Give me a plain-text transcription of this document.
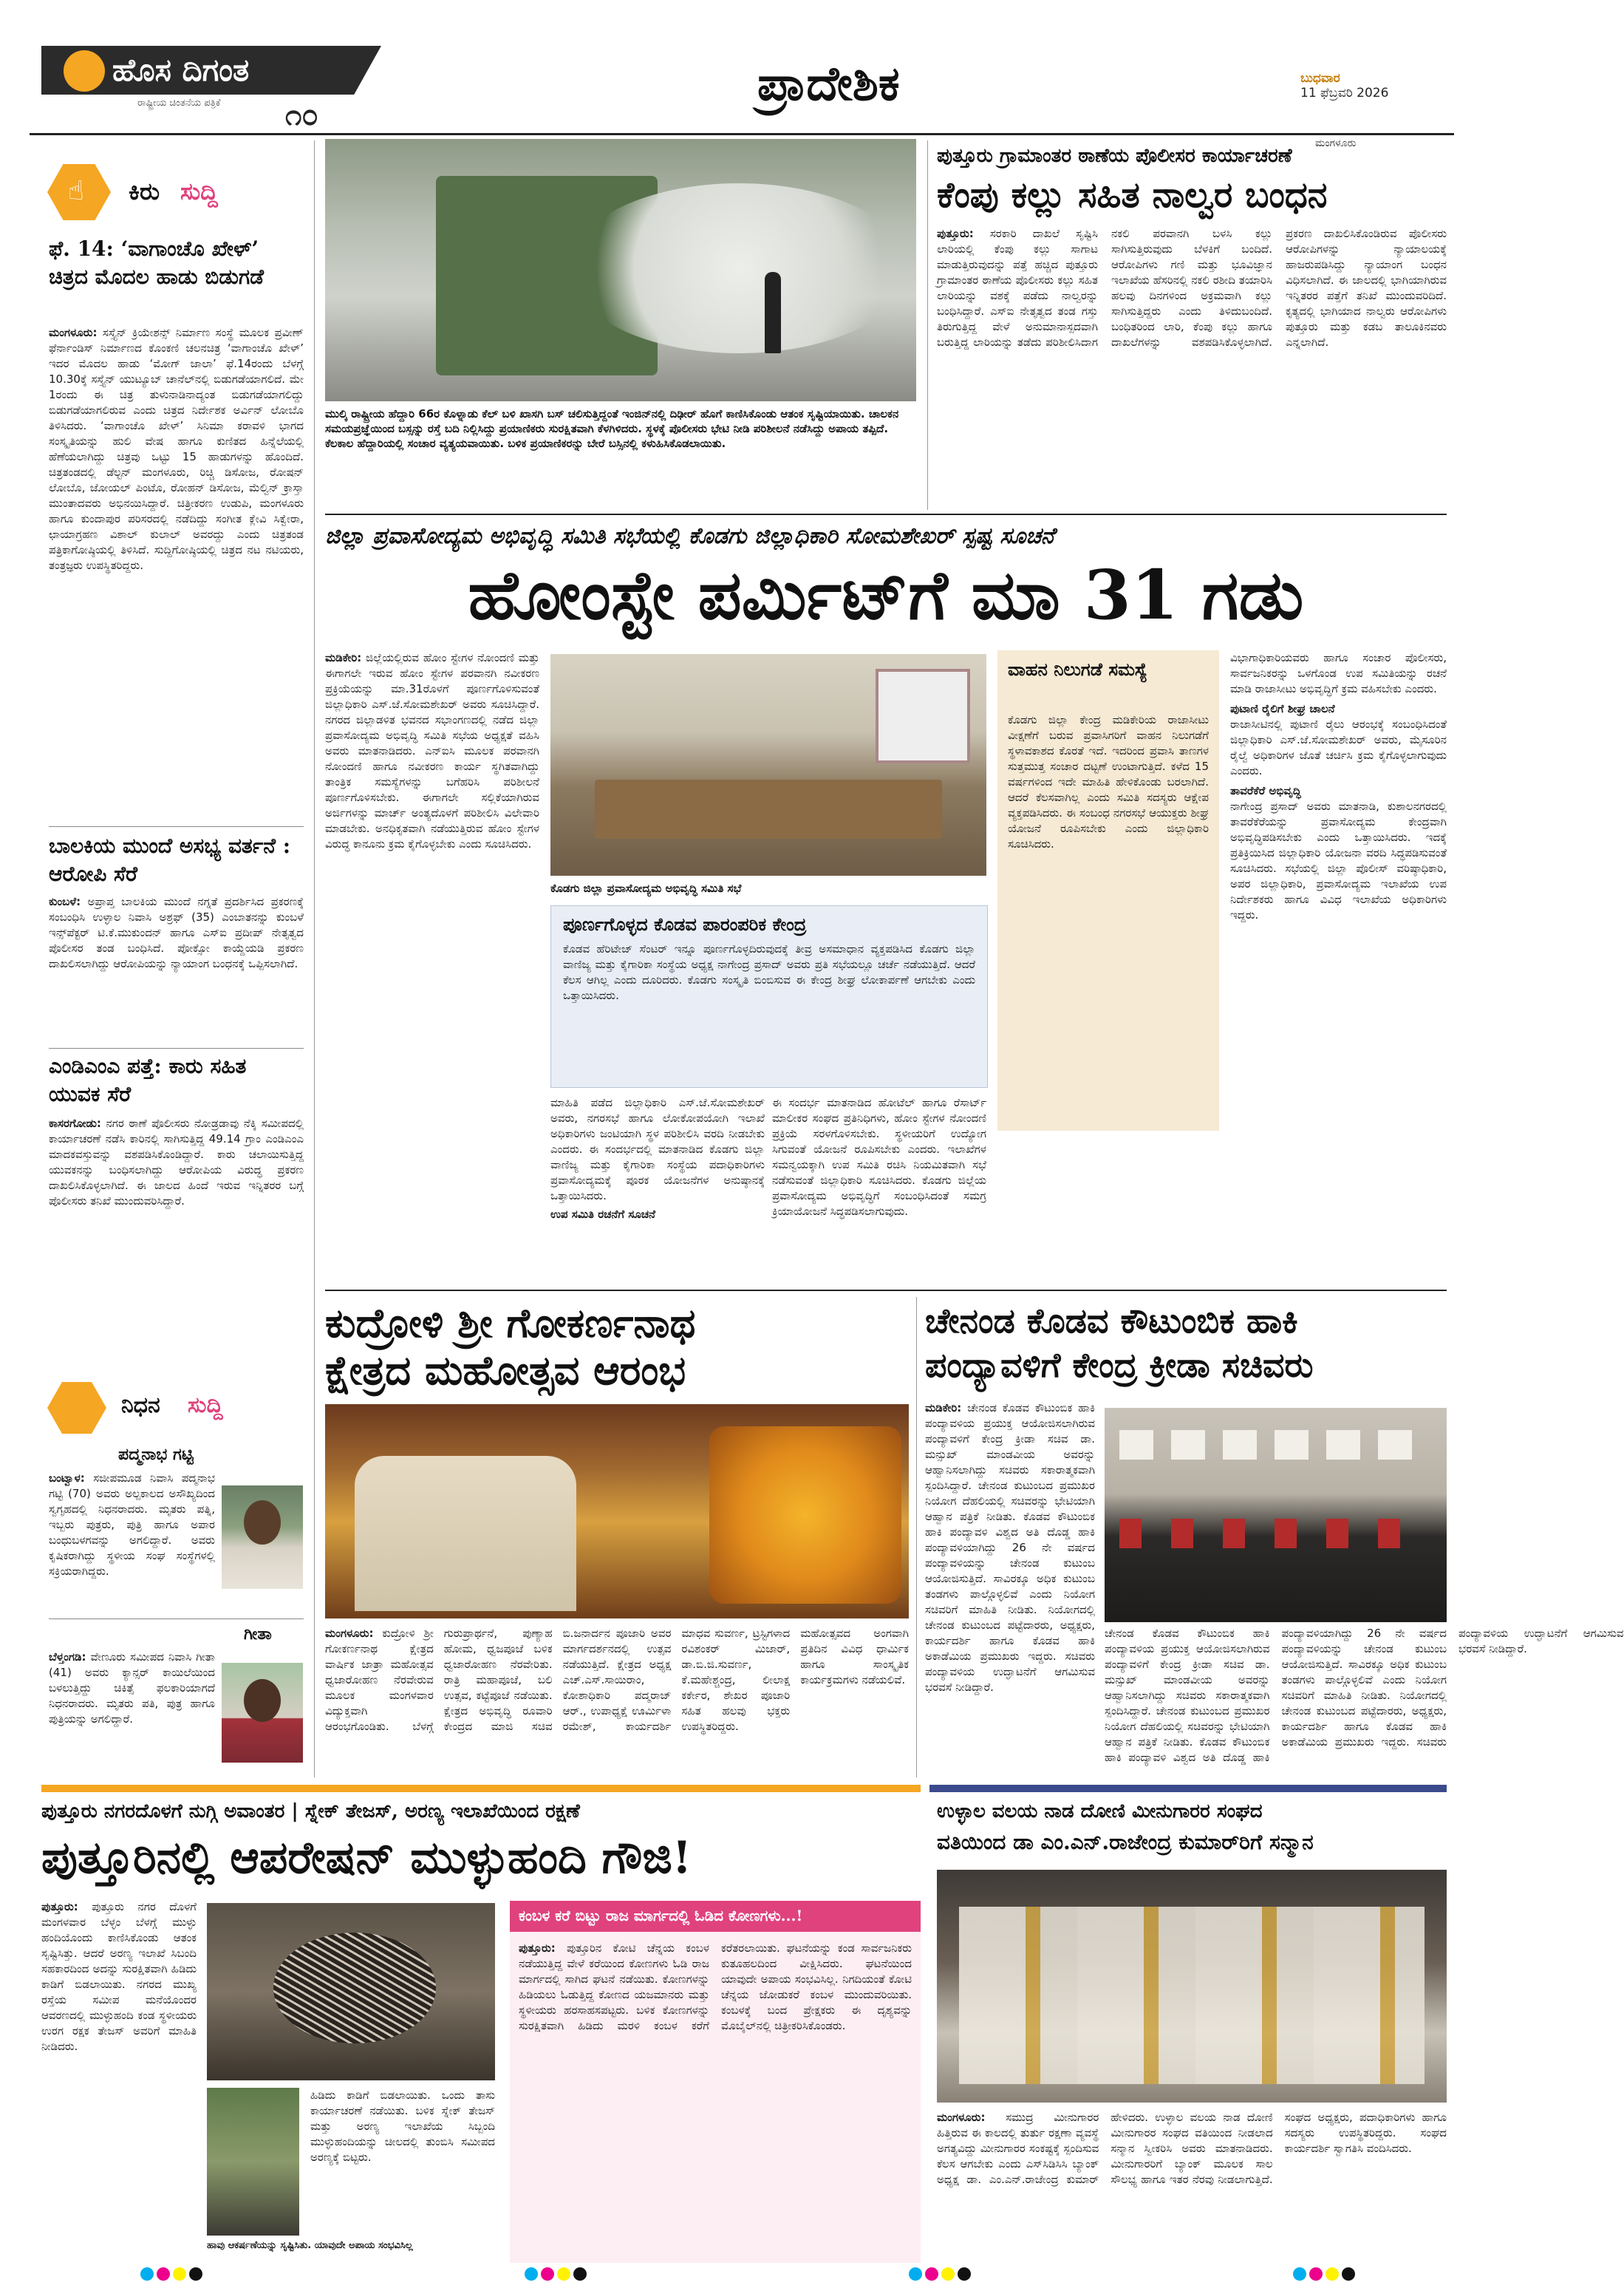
ಹೊಸ ದಿಗಂತ
ರಾಷ್ಟ್ರೀಯ ಚಿಂತನೆಯ ಪತ್ರಿಕೆ ೧೦
ಪ್ರಾದೇಶಿಕ	ಬುಧವಾರ
11 ಫೆಬ್ರವರಿ 2026
ಮಂಗಳೂರು
☝ ಕಿರು ಸುದ್ದಿ
ಫೆ. 14: ‘ವಾಗಾಂಚೊ ಖೇಳ್’ ಚಿತ್ರದ ಮೊದಲ ಹಾಡು ಬಿಡುಗಡೆ
ಮಂಗಳೂರು: ಸಸ್ತ್ಯೆನ್ ಕ್ರಿಯೇಶನ್ಸ್ ನಿರ್ಮಾಣ ಸಂಸ್ಥೆ ಮೂಲಕ ಪ್ರವೀಣ್ ಫೆರ್ನಾಂಡಿಸ್ ನಿರ್ಮಾಣದ ಕೊಂಕಣಿ ಚಲನಚಿತ್ರ ‘ವಾಗಾಂಚೊ ಖೇಳ್’ ಇದರ ಮೊದಲ ಹಾಡು ‘ಮೋಗ್ ಜಾಲಾ’ ಫೆ.14ರಂದು ಬೆಳಗ್ಗೆ 10.30ಕ್ಕೆ ಸಸ್ತ್ಯೆನ್ ಯುಟ್ಯೂಬ್ ಚಾನೆಲ್‌ನಲ್ಲಿ ಬಿಡುಗಡೆಯಾಗಲಿದೆ. ಮೇ 1ರಂದು ಈ ಚಿತ್ರ ತುಳುನಾಡಿನಾದ್ಯಂತ ಬಿಡುಗಡೆಯಾಗಲಿದ್ದು ಬಿಡುಗಡೆಯಾಗಲಿರುವ ಎಂದು ಚಿತ್ರದ ನಿರ್ದೇಶಕ ಅರ್ವಿನ್ ಲೋಬೊ ತಿಳಿಸಿದರು. ‘ವಾಗಾಂಚೊ ಖೇಳ್’ ಸಿನಿಮಾ ಕರಾವಳಿ ಭಾಗದ ಸಂಸ್ಕೃತಿಯನ್ನು ಹುಲಿ ವೇಷ ಹಾಗೂ ಕುಣಿತದ ಹಿನ್ನೆಲೆಯಲ್ಲಿ ಹೆಣೆಯಲಾಗಿದ್ದು ಚಿತ್ರವು ಒಟ್ಟು 15 ಹಾಡುಗಳನ್ನು ಹೊಂದಿದೆ. ಚಿತ್ರತಂಡದಲ್ಲಿ ಡೆಲ್ಟನ್ ಮಂಗಳೂರು, ರಿಚ್ಚಿ ಡಿಸೋಜ, ರೋಷನ್ ಲೋಬೊ, ಜೋಯಲ್ ಪಿಂಟೊ, ರೋಹನ್ ಡಿಸೋಜ, ಮೆಲ್ವಿನ್ ಕ್ರಾಸ್ತಾ ಮುಂತಾದವರು ಅಭಿನಯಿಸಿದ್ದಾರೆ. ಚಿತ್ರೀಕರಣ ಉಡುಪಿ, ಮಂಗಳೂರು ಹಾಗೂ ಕುಂದಾಪುರ ಪರಿಸರದಲ್ಲಿ ನಡೆದಿದ್ದು ಸಂಗೀತ ಕ್ಲೇವಿ ಸಿಕ್ವೇರಾ, ಛಾಯಾಗ್ರಹಣ ವಿಶಾಲ್ ಕುಲಾಲ್ ಅವರದ್ದು ಎಂದು ಚಿತ್ರತಂಡ ಪತ್ರಿಕಾಗೋಷ್ಠಿಯಲ್ಲಿ ತಿಳಿಸಿದೆ. ಸುದ್ದಿಗೋಷ್ಠಿಯಲ್ಲಿ ಚಿತ್ರದ ನಟ ನಟಿಯರು, ತಂತ್ರಜ್ಞರು ಉಪಸ್ಥಿತರಿದ್ದರು.
ಬಾಲಕಿಯ ಮುಂದೆ ಅಸಭ್ಯ ವರ್ತನೆ : ಆರೋಪಿ ಸೆರೆ
ಕುಂಬಳೆ: ಅಪ್ರಾಪ್ತ ಬಾಲಕಿಯ ಮುಂದೆ ನಗ್ನತೆ ಪ್ರದರ್ಶಿಸಿದ ಪ್ರಕರಣಕ್ಕೆ ಸಂಬಂಧಿಸಿ ಉಳ್ಳಾಲ ನಿವಾಸಿ ಅಶ್ರಫ್ (35) ಎಂಬಾತನನ್ನು ಕುಂಬಳೆ ಇನ್ಸ್‌ಪೆಕ್ಟರ್ ಟಿ.ಕೆ.ಮುಕುಂದನ್ ಹಾಗೂ ಎಸ್ಐ ಪ್ರದೀಪ್ ನೇತೃತ್ವದ ಪೊಲೀಸರ ತಂಡ ಬಂಧಿಸಿದೆ. ಪೋಕ್ಸೋ ಕಾಯ್ದೆಯಡಿ ಪ್ರಕರಣ ದಾಖಲಿಸಲಾಗಿದ್ದು ಆರೋಪಿಯನ್ನು ನ್ಯಾಯಾಂಗ ಬಂಧನಕ್ಕೆ ಒಪ್ಪಿಸಲಾಗಿದೆ.
ಎಂಡಿಎಂಎ ಪತ್ತೆ: ಕಾರು ಸಹಿತ ಯುವಕ ಸೆರೆ
ಕಾಸರಗೋಡು: ನಗರ ಠಾಣೆ ಪೊಲೀಸರು ನೋಡ್ರಡಾವು ನೆಕ್ಕಿ ಸಮೀಪದಲ್ಲಿ ಕಾರ್ಯಾಚರಣೆ ನಡೆಸಿ ಕಾರಿನಲ್ಲಿ ಸಾಗಿಸುತ್ತಿದ್ದ 49.14 ಗ್ರಾಂ ಎಂಡಿಎಂಎ ಮಾದಕವಸ್ತುವನ್ನು ವಶಪಡಿಸಿಕೊಂಡಿದ್ದಾರೆ. ಕಾರು ಚಲಾಯಿಸುತ್ತಿದ್ದ ಯುವಕನನ್ನು ಬಂಧಿಸಲಾಗಿದ್ದು ಆರೋಪಿಯ ವಿರುದ್ಧ ಪ್ರಕರಣ ದಾಖಲಿಸಿಕೊಳ್ಳಲಾಗಿದೆ. ಈ ಜಾಲದ ಹಿಂದೆ ಇರುವ ಇನ್ನಿತರರ ಬಗ್ಗೆ ಪೊಲೀಸರು ತನಿಖೆ ಮುಂದುವರಿಸಿದ್ದಾರೆ.
ನಿಧನ ಸುದ್ದಿ
ಪದ್ಮನಾಭ ಗಟ್ಟಿ
ಬಂಟ್ವಾಳ: ಸಜೀಪಮೂಡ ನಿವಾಸಿ ಪದ್ಮನಾಭ ಗಟ್ಟಿ (70) ಅವರು ಅಲ್ಪಕಾಲದ ಅಸೌಖ್ಯದಿಂದ ಸ್ವಗೃಹದಲ್ಲಿ ನಿಧನರಾದರು. ಮೃತರು ಪತ್ನಿ, ಇಬ್ಬರು ಪುತ್ರರು, ಪುತ್ರಿ ಹಾಗೂ ಅಪಾರ ಬಂಧುಬಳಗವನ್ನು ಅಗಲಿದ್ದಾರೆ. ಅವರು ಕೃಷಿಕರಾಗಿದ್ದು ಸ್ಥಳೀಯ ಸಂಘ ಸಂಸ್ಥೆಗಳಲ್ಲಿ ಸಕ್ರಿಯರಾಗಿದ್ದರು.
ಗೀತಾ
ಬೆಳ್ತಂಗಡಿ: ವೇಣೂರು ಸಮೀಪದ ನಿವಾಸಿ ಗೀತಾ (41) ಅವರು ಕ್ಯಾನ್ಸರ್ ಕಾಯಿಲೆಯಿಂದ ಬಳಲುತ್ತಿದ್ದು ಚಿಕಿತ್ಸೆ ಫಲಕಾರಿಯಾಗದೆ ನಿಧನರಾದರು. ಮೃತರು ಪತಿ, ಪುತ್ರ ಹಾಗೂ ಪುತ್ರಿಯನ್ನು ಅಗಲಿದ್ದಾರೆ.
ಮುಲ್ಕಿ ರಾಷ್ಟ್ರೀಯ ಹೆದ್ದಾರಿ 66ರ ಕೊಳ್ನಾಡು ಕೆಲ್ ಬಳಿ ಖಾಸಗಿ ಬಸ್ ಚಲಿಸುತ್ತಿದ್ದಂತೆ ಇಂಜಿನ್‌ನಲ್ಲಿ ದಿಢೀರ್ ಹೊಗೆ ಕಾಣಿಸಿಕೊಂಡು ಆತಂಕ ಸೃಷ್ಟಿಯಾಯಿತು. ಚಾಲಕನ ಸಮಯಪ್ರಜ್ಞೆಯಿಂದ ಬಸ್ಸನ್ನು ರಸ್ತೆ ಬದಿ ನಿಲ್ಲಿಸಿದ್ದು ಪ್ರಯಾಣಿಕರು ಸುರಕ್ಷಿತವಾಗಿ ಕೆಳಗಿಳಿದರು. ಸ್ಥಳಕ್ಕೆ ಪೊಲೀಸರು ಭೇಟಿ ನೀಡಿ ಪರಿಶೀಲನೆ ನಡೆಸಿದ್ದು ಅಪಾಯ ತಪ್ಪಿದೆ. ಕೆಲಕಾಲ ಹೆದ್ದಾರಿಯಲ್ಲಿ ಸಂಚಾರ ವ್ಯತ್ಯಯವಾಯಿತು. ಬಳಿಕ ಪ್ರಯಾಣಿಕರನ್ನು ಬೇರೆ ಬಸ್ಸಿನಲ್ಲಿ ಕಳುಹಿಸಿಕೊಡಲಾಯಿತು.
ಪುತ್ತೂರು ಗ್ರಾಮಾಂತರ ಠಾಣೆಯ ಪೊಲೀಸರ ಕಾರ್ಯಾಚರಣೆ
ಕೆಂಪು ಕಲ್ಲು ಸಹಿತ ನಾಲ್ವರ ಬಂಧನ
ಪುತ್ತೂರು: ಸರಕಾರಿ ದಾಖಲೆ ಸೃಷ್ಟಿಸಿ ಲಾರಿಯಲ್ಲಿ ಕೆಂಪು ಕಲ್ಲು ಸಾಗಾಟ ಮಾಡುತ್ತಿರುವುದನ್ನು ಪತ್ತೆ ಹಚ್ಚಿದ ಪುತ್ತೂರು ಗ್ರಾಮಾಂತರ ಠಾಣೆಯ ಪೊಲೀಸರು ಕಲ್ಲು ಸಹಿತ ಲಾರಿಯನ್ನು ವಶಕ್ಕೆ ಪಡೆದು ನಾಲ್ವರನ್ನು ಬಂಧಿಸಿದ್ದಾರೆ. ಎಸ್‌ಐ ನೇತೃತ್ವದ ತಂಡ ಗಸ್ತು ತಿರುಗುತ್ತಿದ್ದ ವೇಳೆ ಅನುಮಾನಾಸ್ಪದವಾಗಿ ಬರುತ್ತಿದ್ದ ಲಾರಿಯನ್ನು ತಡೆದು ಪರಿಶೀಲಿಸಿದಾಗ ನಕಲಿ ಪರವಾನಗಿ ಬಳಸಿ ಕಲ್ಲು ಸಾಗಿಸುತ್ತಿರುವುದು ಬೆಳಕಿಗೆ ಬಂದಿದೆ. ಆರೋಪಿಗಳು ಗಣಿ ಮತ್ತು ಭೂವಿಜ್ಞಾನ ಇಲಾಖೆಯ ಹೆಸರಿನಲ್ಲಿ ನಕಲಿ ರಶೀದಿ ತಯಾರಿಸಿ ಹಲವು ದಿನಗಳಿಂದ ಅಕ್ರಮವಾಗಿ ಕಲ್ಲು ಸಾಗಿಸುತ್ತಿದ್ದರು ಎಂದು ತಿಳಿದುಬಂದಿದೆ. ಬಂಧಿತರಿಂದ ಲಾರಿ, ಕೆಂಪು ಕಲ್ಲು ಹಾಗೂ ದಾಖಲೆಗಳನ್ನು ವಶಪಡಿಸಿಕೊಳ್ಳಲಾಗಿದೆ. ಪ್ರಕರಣ ದಾಖಲಿಸಿಕೊಂಡಿರುವ ಪೊಲೀಸರು ಆರೋಪಿಗಳನ್ನು ನ್ಯಾಯಾಲಯಕ್ಕೆ ಹಾಜರುಪಡಿಸಿದ್ದು ನ್ಯಾಯಾಂಗ ಬಂಧನ ವಿಧಿಸಲಾಗಿದೆ. ಈ ಜಾಲದಲ್ಲಿ ಭಾಗಿಯಾಗಿರುವ ಇನ್ನಿತರರ ಪತ್ತೆಗೆ ತನಿಖೆ ಮುಂದುವರಿದಿದೆ. ಕೃತ್ಯದಲ್ಲಿ ಭಾಗಿಯಾದ ನಾಲ್ವರು ಆರೋಪಿಗಳು ಪುತ್ತೂರು ಮತ್ತು ಕಡಬ ತಾಲೂಕಿನವರು ಎನ್ನಲಾಗಿದೆ.
ಜಿಲ್ಲಾ ಪ್ರವಾಸೋದ್ಯಮ ಅಭಿವೃದ್ಧಿ ಸಮಿತಿ ಸಭೆಯಲ್ಲಿ ಕೊಡಗು ಜಿಲ್ಲಾಧಿಕಾರಿ ಸೋಮಶೇಖರ್ ಸ್ಪಷ್ಟ ಸೂಚನೆ
ಹೋಂಸ್ಟೇ ಪರ್ಮಿಟ್‌ಗೆ ಮಾ 31 ಗಡು
ಮಡಿಕೇರಿ: ಜಿಲ್ಲೆಯಲ್ಲಿರುವ ಹೋಂ ಸ್ಟೇಗಳ ನೋಂದಣಿ ಮತ್ತು ಈಗಾಗಲೇ ಇರುವ ಹೋಂ ಸ್ಟೇಗಳ ಪರವಾನಗಿ ನವೀಕರಣ ಪ್ರಕ್ರಿಯೆಯನ್ನು ಮಾ.31ರೊಳಗೆ ಪೂರ್ಣಗೊಳಿಸುವಂತೆ ಜಿಲ್ಲಾಧಿಕಾರಿ ಎಸ್.ಜೆ.ಸೋಮಶೇಖರ್ ಅವರು ಸೂಚಿಸಿದ್ದಾರೆ. ನಗರದ ಜಿಲ್ಲಾಡಳಿತ ಭವನದ ಸಭಾಂಗಣದಲ್ಲಿ ನಡೆದ ಜಿಲ್ಲಾ ಪ್ರವಾಸೋದ್ಯಮ ಅಭಿವೃದ್ಧಿ ಸಮಿತಿ ಸಭೆಯ ಅಧ್ಯಕ್ಷತೆ ವಹಿಸಿ ಅವರು ಮಾತನಾಡಿದರು. ಎನ್‌ಐಸಿ ಮೂಲಕ ಪರವಾನಗಿ ನೋಂದಣಿ ಹಾಗೂ ನವೀಕರಣ ಕಾರ್ಯ ಸ್ಥಗಿತವಾಗಿದ್ದು ತಾಂತ್ರಿಕ ಸಮಸ್ಯೆಗಳನ್ನು ಬಗೆಹರಿಸಿ ಪರಿಶೀಲನೆ ಪೂರ್ಣಗೊಳಿಸಬೇಕು. ಈಗಾಗಲೇ ಸಲ್ಲಿಕೆಯಾಗಿರುವ ಅರ್ಜಿಗಳನ್ನು ಮಾರ್ಚ್ ಅಂತ್ಯದೊಳಗೆ ಪರಿಶೀಲಿಸಿ ವಿಲೇವಾರಿ ಮಾಡಬೇಕು. ಅನಧಿಕೃತವಾಗಿ ನಡೆಯುತ್ತಿರುವ ಹೋಂ ಸ್ಟೇಗಳ ವಿರುದ್ಧ ಕಾನೂನು ಕ್ರಮ ಕೈಗೊಳ್ಳಬೇಕು ಎಂದು ಸೂಚಿಸಿದರು.
ಕೊಡಗು ಜಿಲ್ಲಾ ಪ್ರವಾಸೋದ್ಯಮ ಅಭಿವೃದ್ಧಿ ಸಮಿತಿ ಸಭೆ
ಪೂರ್ಣಗೊಳ್ಳದ ಕೊಡವ ಪಾರಂಪರಿಕ ಕೇಂದ್ರ
ಕೊಡವ ಹೆರಿಟೇಜ್ ಸೆಂಟರ್ ಇನ್ನೂ ಪೂರ್ಣಗೊಳ್ಳದಿರುವುದಕ್ಕೆ ತೀವ್ರ ಅಸಮಾಧಾನ ವ್ಯಕ್ತಪಡಿಸಿದ ಕೊಡಗು ಜಿಲ್ಲಾ ವಾಣಿಜ್ಯ ಮತ್ತು ಕೈಗಾರಿಕಾ ಸಂಸ್ಥೆಯ ಅಧ್ಯಕ್ಷ ನಾಗೇಂದ್ರ ಪ್ರಸಾದ್ ಅವರು ಪ್ರತಿ ಸಭೆಯಲ್ಲೂ ಚರ್ಚೆ ನಡೆಯುತ್ತಿದೆ. ಆದರೆ ಕೆಲಸ ಆಗಿಲ್ಲ ಎಂದು ದೂರಿದರು. ಕೊಡಗು ಸಂಸ್ಕೃತಿ ಬಿಂಬಿಸುವ ಈ ಕೇಂದ್ರ ಶೀಘ್ರ ಲೋಕಾರ್ಪಣೆ ಆಗಬೇಕು ಎಂದು ಒತ್ತಾಯಿಸಿದರು.
ಮಾಹಿತಿ ಪಡೆದ ಜಿಲ್ಲಾಧಿಕಾರಿ ಎಸ್.ಜೆ.ಸೋಮಶೇಖರ್ ಅವರು, ನಗರಸಭೆ ಹಾಗೂ ಲೋಕೋಪಯೋಗಿ ಇಲಾಖೆ ಅಧಿಕಾರಿಗಳು ಜಂಟಿಯಾಗಿ ಸ್ಥಳ ಪರಿಶೀಲಿಸಿ ವರದಿ ನೀಡಬೇಕು ಎಂದರು. ಈ ಸಂದರ್ಭದಲ್ಲಿ ಮಾತನಾಡಿದ ಕೊಡಗು ಜಿಲ್ಲಾ ವಾಣಿಜ್ಯ ಮತ್ತು ಕೈಗಾರಿಕಾ ಸಂಸ್ಥೆಯ ಪದಾಧಿಕಾರಿಗಳು ಪ್ರವಾಸೋದ್ಯಮಕ್ಕೆ ಪೂರಕ ಯೋಜನೆಗಳ ಅನುಷ್ಠಾನಕ್ಕೆ ಒತ್ತಾಯಿಸಿದರು.
ಉಪ ಸಮಿತಿ ರಚನೆಗೆ ಸೂಚನೆ
ಈ ಸಂದರ್ಭ ಮಾತನಾಡಿದ ಹೋಟೆಲ್ ಹಾಗೂ ರೆಸಾರ್ಟ್ ಮಾಲೀಕರ ಸಂಘದ ಪ್ರತಿನಿಧಿಗಳು, ಹೋಂ ಸ್ಟೇಗಳ ನೋಂದಣಿ ಪ್ರಕ್ರಿಯೆ ಸರಳಗೊಳಿಸಬೇಕು. ಸ್ಥಳೀಯರಿಗೆ ಉದ್ಯೋಗ ಸಿಗುವಂತೆ ಯೋಜನೆ ರೂಪಿಸಬೇಕು ಎಂದರು. ಇಲಾಖೆಗಳ ಸಮನ್ವಯಕ್ಕಾಗಿ ಉಪ ಸಮಿತಿ ರಚಿಸಿ ನಿಯಮಿತವಾಗಿ ಸಭೆ ನಡೆಸುವಂತೆ ಜಿಲ್ಲಾಧಿಕಾರಿ ಸೂಚಿಸಿದರು. ಕೊಡಗು ಜಿಲ್ಲೆಯ ಪ್ರವಾಸೋದ್ಯಮ ಅಭಿವೃದ್ಧಿಗೆ ಸಂಬಂಧಿಸಿದಂತೆ ಸಮಗ್ರ ಕ್ರಿಯಾಯೋಜನೆ ಸಿದ್ಧಪಡಿಸಲಾಗುವುದು.
ವಾಹನ ನಿಲುಗಡೆ ಸಮಸ್ಯೆ
ಕೊಡಗು ಜಿಲ್ಲಾ ಕೇಂದ್ರ ಮಡಿಕೇರಿಯ ರಾಜಾಸೀಟು ವೀಕ್ಷಣೆಗೆ ಬರುವ ಪ್ರವಾಸಿಗರಿಗೆ ವಾಹನ ನಿಲುಗಡೆಗೆ ಸ್ಥಳಾವಕಾಶದ ಕೊರತೆ ಇದೆ. ಇದರಿಂದ ಪ್ರವಾಸಿ ತಾಣಗಳ ಸುತ್ತಮುತ್ತ ಸಂಚಾರ ದಟ್ಟಣೆ ಉಂಟಾಗುತ್ತಿದೆ. ಕಳೆದ 15 ವರ್ಷಗಳಿಂದ ಇದೇ ಮಾಹಿತಿ ಹೇಳಿಕೊಂಡು ಬರಲಾಗಿದೆ. ಆದರೆ ಕೆಲಸವಾಗಿಲ್ಲ ಎಂದು ಸಮಿತಿ ಸದಸ್ಯರು ಆಕ್ಷೇಪ ವ್ಯಕ್ತಪಡಿಸಿದರು. ಈ ಸಂಬಂಧ ನಗರಸಭೆ ಆಯುಕ್ತರು ಶೀಘ್ರ ಯೋಜನೆ ರೂಪಿಸಬೇಕು ಎಂದು ಜಿಲ್ಲಾಧಿಕಾರಿ ಸೂಚಿಸಿದರು.
ವಿಭಾಗಾಧಿಕಾರಿಯವರು ಹಾಗೂ ಸಂಚಾರ ಪೊಲೀಸರು, ಸಾರ್ವಜನಿಕರನ್ನು ಒಳಗೊಂಡ ಉಪ ಸಮಿತಿಯನ್ನು ರಚನೆ ಮಾಡಿ ರಾಜಾಸೀಟು ಅಭಿವೃದ್ಧಿಗೆ ಕ್ರಮ ವಹಿಸಬೇಕು ಎಂದರು.
ಪುಟಾಣಿ ರೈಲಿಗೆ ಶೀಘ್ರ ಚಾಲನೆ
ರಾಜಾಸೀಟಿನಲ್ಲಿ ಪುಟಾಣಿ ರೈಲು ಆರಂಭಕ್ಕೆ ಸಂಬಂಧಿಸಿದಂತೆ ಜಿಲ್ಲಾಧಿಕಾರಿ ಎಸ್.ಜೆ.ಸೋಮಶೇಖರ್ ಅವರು, ಮೈಸೂರಿನ ರೈಲ್ವೆ ಅಧಿಕಾರಿಗಳ ಜೊತೆ ಚರ್ಚಿಸಿ ಕ್ರಮ ಕೈಗೊಳ್ಳಲಾಗುವುದು ಎಂದರು.
ತಾವರೆಕೆರೆ ಅಭಿವೃದ್ಧಿ
ನಾಗೇಂದ್ರ ಪ್ರಸಾದ್ ಅವರು ಮಾತನಾಡಿ, ಕುಶಾಲನಗರದಲ್ಲಿ ತಾವರೆಕೆರೆಯನ್ನು ಪ್ರವಾಸೋದ್ಯಮ ಕೇಂದ್ರವಾಗಿ ಅಭಿವೃದ್ಧಿಪಡಿಸಬೇಕು ಎಂದು ಒತ್ತಾಯಿಸಿದರು. ಇದಕ್ಕೆ ಪ್ರತಿಕ್ರಿಯಿಸಿದ ಜಿಲ್ಲಾಧಿಕಾರಿ ಯೋಜನಾ ವರದಿ ಸಿದ್ಧಪಡಿಸುವಂತೆ ಸೂಚಿಸಿದರು. ಸಭೆಯಲ್ಲಿ ಜಿಲ್ಲಾ ಪೊಲೀಸ್ ವರಿಷ್ಠಾಧಿಕಾರಿ, ಅಪರ ಜಿಲ್ಲಾಧಿಕಾರಿ, ಪ್ರವಾಸೋದ್ಯಮ ಇಲಾಖೆಯ ಉಪ ನಿರ್ದೇಶಕರು ಹಾಗೂ ವಿವಿಧ ಇಲಾಖೆಯ ಅಧಿಕಾರಿಗಳು ಇದ್ದರು.
ಕುದ್ರೋಳಿ ಶ್ರೀ ಗೋಕರ್ಣನಾಥ
ಕ್ಷೇತ್ರದ ಮಹೋತ್ಸವ ಆರಂಭ
ಮಂಗಳೂರು: ಕುದ್ರೋಳಿ ಶ್ರೀ ಗೋಕರ್ಣನಾಥ ಕ್ಷೇತ್ರದ ವಾರ್ಷಿಕ ಜಾತ್ರಾ ಮಹೋತ್ಸವ ಧ್ವಜಾರೋಹಣ ನೆರವೇರುವ ಮೂಲಕ ಮಂಗಳವಾರ ವಿದ್ಯುಕ್ತವಾಗಿ ಆರಂಭಗೊಂಡಿತು. ಬೆಳಗ್ಗೆ ಗುರುಪ್ರಾರ್ಥನೆ, ಪುಣ್ಯಾಹ ಹೋಮ, ಧ್ವಜಪೂಜೆ ಬಳಿಕ ಧ್ವಜಾರೋಹಣ ನೆರವೇರಿತು. ರಾತ್ರಿ ಮಹಾಪೂಜೆ, ಬಲಿ ಉತ್ಸವ, ಕಟ್ಟೆಪೂಜೆ ನಡೆಯಿತು. ಕ್ಷೇತ್ರದ ಅಭಿವೃದ್ಧಿ ರೂವಾರಿ ಕೇಂದ್ರದ ಮಾಜಿ ಸಚಿವ ಬಿ.ಜನಾರ್ದನ ಪೂಜಾರಿ ಅವರ ಮಾರ್ಗದರ್ಶನದಲ್ಲಿ ಉತ್ಸವ ನಡೆಯುತ್ತಿದೆ. ಕ್ಷೇತ್ರದ ಅಧ್ಯಕ್ಷ ಎಚ್.ಎಸ್.ಸಾಯಿರಾಂ, ಕೋಶಾಧಿಕಾರಿ ಪದ್ಮರಾಜ್ ಆರ್., ಉಪಾಧ್ಯಕ್ಷೆ ಊರ್ಮಿಳಾ ರಮೇಶ್, ಕಾರ್ಯದರ್ಶಿ ಮಾಧವ ಸುವರ್ಣ, ಟ್ರಸ್ಟಿಗಳಾದ ರವಿಶಂಕರ್ ಮಿಜಾರ್, ಡಾ.ಬಿ.ಜಿ.ಸುವರ್ಣ, ಕೆ.ಮಹೇಶ್ಚಂದ್ರ, ಲೀಲಾಕ್ಷ ಕರ್ಕೇರ, ಶೇಖರ ಪೂಜಾರಿ ಸಹಿತ ಹಲವು ಭಕ್ತರು ಉಪಸ್ಥಿತರಿದ್ದರು. ಮಹೋತ್ಸವದ ಅಂಗವಾಗಿ ಪ್ರತಿದಿನ ವಿವಿಧ ಧಾರ್ಮಿಕ ಹಾಗೂ ಸಾಂಸ್ಕೃತಿಕ ಕಾರ್ಯಕ್ರಮಗಳು ನಡೆಯಲಿವೆ.
ಚೇನಂಡ ಕೊಡವ ಕೌಟುಂಬಿಕ ಹಾಕಿ
ಪಂದ್ಯಾವಳಿಗೆ ಕೇಂದ್ರ ಕ್ರೀಡಾ ಸಚಿವರು
ಮಡಿಕೇರಿ: ಚೇನಂಡ ಕೊಡವ ಕೌಟುಂಬಿಕ ಹಾಕಿ ಪಂದ್ಯಾವಳಿಯ ಪ್ರಯುಕ್ತ ಆಯೋಜಿಸಲಾಗಿರುವ ಪಂದ್ಯಾವಳಿಗೆ ಕೇಂದ್ರ ಕ್ರೀಡಾ ಸಚಿವ ಡಾ. ಮನ್ಸುಖ್ ಮಾಂಡವೀಯ ಅವರನ್ನು ಆಹ್ವಾನಿಸಲಾಗಿದ್ದು ಸಚಿವರು ಸಕಾರಾತ್ಮಕವಾಗಿ ಸ್ಪಂದಿಸಿದ್ದಾರೆ. ಚೇನಂಡ ಕುಟುಂಬದ ಪ್ರಮುಖರ ನಿಯೋಗ ದೆಹಲಿಯಲ್ಲಿ ಸಚಿವರನ್ನು ಭೇಟಿಯಾಗಿ ಆಹ್ವಾನ ಪತ್ರಿಕೆ ನೀಡಿತು. ಕೊಡವ ಕೌಟುಂಬಿಕ ಹಾಕಿ ಪಂದ್ಯಾವಳಿ ವಿಶ್ವದ ಅತಿ ದೊಡ್ಡ ಹಾಕಿ ಪಂದ್ಯಾವಳಿಯಾಗಿದ್ದು 26 ನೇ ವರ್ಷದ ಪಂದ್ಯಾವಳಿಯನ್ನು ಚೇನಂಡ ಕುಟುಂಬ ಆಯೋಜಿಸುತ್ತಿದೆ. ಸಾವಿರಕ್ಕೂ ಅಧಿಕ ಕುಟುಂಬ ತಂಡಗಳು ಪಾಲ್ಗೊಳ್ಳಲಿವೆ ಎಂದು ನಿಯೋಗ ಸಚಿವರಿಗೆ ಮಾಹಿತಿ ನೀಡಿತು. ನಿಯೋಗದಲ್ಲಿ ಚೇನಂಡ ಕುಟುಂಬದ ಪಟ್ಟೆದಾರರು, ಅಧ್ಯಕ್ಷರು, ಕಾರ್ಯದರ್ಶಿ ಹಾಗೂ ಕೊಡವ ಹಾಕಿ ಅಕಾಡೆಮಿಯ ಪ್ರಮುಖರು ಇದ್ದರು. ಸಚಿವರು ಪಂದ್ಯಾವಳಿಯ ಉದ್ಘಾಟನೆಗೆ ಆಗಮಿಸುವ ಭರವಸೆ ನೀಡಿದ್ದಾರೆ.
ಚೇನಂಡ ಕೊಡವ ಕೌಟುಂಬಿಕ ಹಾಕಿ ಪಂದ್ಯಾವಳಿಯ ಪ್ರಯುಕ್ತ ಆಯೋಜಿಸಲಾಗಿರುವ ಪಂದ್ಯಾವಳಿಗೆ ಕೇಂದ್ರ ಕ್ರೀಡಾ ಸಚಿವ ಡಾ. ಮನ್ಸುಖ್ ಮಾಂಡವೀಯ ಅವರನ್ನು ಆಹ್ವಾನಿಸಲಾಗಿದ್ದು ಸಚಿವರು ಸಕಾರಾತ್ಮಕವಾಗಿ ಸ್ಪಂದಿಸಿದ್ದಾರೆ. ಚೇನಂಡ ಕುಟುಂಬದ ಪ್ರಮುಖರ ನಿಯೋಗ ದೆಹಲಿಯಲ್ಲಿ ಸಚಿವರನ್ನು ಭೇಟಿಯಾಗಿ ಆಹ್ವಾನ ಪತ್ರಿಕೆ ನೀಡಿತು. ಕೊಡವ ಕೌಟುಂಬಿಕ ಹಾಕಿ ಪಂದ್ಯಾವಳಿ ವಿಶ್ವದ ಅತಿ ದೊಡ್ಡ ಹಾಕಿ ಪಂದ್ಯಾವಳಿಯಾಗಿದ್ದು 26 ನೇ ವರ್ಷದ ಪಂದ್ಯಾವಳಿಯನ್ನು ಚೇನಂಡ ಕುಟುಂಬ ಆಯೋಜಿಸುತ್ತಿದೆ. ಸಾವಿರಕ್ಕೂ ಅಧಿಕ ಕುಟುಂಬ ತಂಡಗಳು ಪಾಲ್ಗೊಳ್ಳಲಿವೆ ಎಂದು ನಿಯೋಗ ಸಚಿವರಿಗೆ ಮಾಹಿತಿ ನೀಡಿತು. ನಿಯೋಗದಲ್ಲಿ ಚೇನಂಡ ಕುಟುಂಬದ ಪಟ್ಟೆದಾರರು, ಅಧ್ಯಕ್ಷರು, ಕಾರ್ಯದರ್ಶಿ ಹಾಗೂ ಕೊಡವ ಹಾಕಿ ಅಕಾಡೆಮಿಯ ಪ್ರಮುಖರು ಇದ್ದರು. ಸಚಿವರು ಪಂದ್ಯಾವಳಿಯ ಉದ್ಘಾಟನೆಗೆ ಆಗಮಿಸುವ ಭರವಸೆ ನೀಡಿದ್ದಾರೆ.
ಪುತ್ತೂರು ನಗರದೊಳಗೆ ನುಗ್ಗಿ ಅವಾಂತರ | ಸ್ನೇಕ್ ತೇಜಸ್, ಅರಣ್ಯ ಇಲಾಖೆಯಿಂದ ರಕ್ಷಣೆ
ಪುತ್ತೂರಿನಲ್ಲಿ ಆಪರೇಷನ್ ಮುಳ್ಳುಹಂದಿ ಗೌಜಿ!
ಪುತ್ತೂರು: ಪುತ್ತೂರು ನಗರ ದೊಳಗೆ ಮಂಗಳವಾರ ಬೆಳ್ಳಂ ಬೆಳಗ್ಗೆ ಮುಳ್ಳು ಹಂದಿಯೊಂದು ಕಾಣಿಸಿಕೊಂಡು ಆತಂಕ ಸೃಷ್ಟಿಸಿತ್ತು. ಆದರೆ ಅರಣ್ಯ ಇಲಾಖೆ ಸಿಬಂದಿ ಸಹಕಾರದಿಂದ ಅದನ್ನು ಸುರಕ್ಷಿತವಾಗಿ ಹಿಡಿದು ಕಾಡಿಗೆ ಬಿಡಲಾಯಿತು. ನಗರದ ಮುಖ್ಯ ರಸ್ತೆಯ ಸಮೀಪ ಮನೆಯೊಂದರ ಆವರಣದಲ್ಲಿ ಮುಳ್ಳುಹಂದಿ ಕಂಡ ಸ್ಥಳೀಯರು ಉರಗ ರಕ್ಷಕ ತೇಜಸ್ ಅವರಿಗೆ ಮಾಹಿತಿ ನೀಡಿದರು.
ಹಾವು ಆಕರ್ಷಣೆಯನ್ನು ಸೃಷ್ಟಿಸಿತು. ಯಾವುದೇ ಅಪಾಯ ಸಂಭವಿಸಿಲ್ಲ
ಹಿಡಿದು ಕಾಡಿಗೆ ಬಿಡಲಾಯಿತು. ಒಂದು ತಾಸು ಕಾರ್ಯಾಚರಣೆ ನಡೆಯಿತು. ಬಳಿಕ ಸ್ನೇಕ್ ತೇಜಸ್ ಮತ್ತು ಅರಣ್ಯ ಇಲಾಖೆಯ ಸಿಬ್ಬಂದಿ ಮುಳ್ಳುಹಂದಿಯನ್ನು ಚೀಲದಲ್ಲಿ ತುಂಬಿಸಿ ಸಮೀಪದ ಅರಣ್ಯಕ್ಕೆ ಬಿಟ್ಟರು.
ಕಂಬಳ ಕರೆ ಬಿಟ್ಟು ರಾಜ ಮಾರ್ಗದಲ್ಲಿ ಓಡಿದ ಕೋಣಗಳು...!
ಪುತ್ತೂರು: ಪುತ್ತೂರಿನ ಕೋಟಿ ಚೆನ್ನಯ ಕಂಬಳ ನಡೆಯುತ್ತಿದ್ದ ವೇಳೆ ಕರೆಯಿಂದ ಕೋಣಗಳು ಓಡಿ ರಾಜ ಮಾರ್ಗದಲ್ಲಿ ಸಾಗಿದ ಘಟನೆ ನಡೆಯಿತು. ಕೋಣಗಳನ್ನು ಹಿಡಿಯಲು ಓಡುತ್ತಿದ್ದ ಕೋಣದ ಯಜಮಾನರು ಮತ್ತು ಸ್ಥಳೀಯರು ಹರಸಾಹಸಪಟ್ಟರು. ಬಳಿಕ ಕೋಣಗಳನ್ನು ಸುರಕ್ಷಿತವಾಗಿ ಹಿಡಿದು ಮರಳಿ ಕಂಬಳ ಕರೆಗೆ ಕರೆತರಲಾಯಿತು. ಘಟನೆಯನ್ನು ಕಂಡ ಸಾರ್ವಜನಿಕರು ಕುತೂಹಲದಿಂದ ವೀಕ್ಷಿಸಿದರು. ಘಟನೆಯಿಂದ ಯಾವುದೇ ಅಪಾಯ ಸಂಭವಿಸಿಲ್ಲ. ನಿಗದಿಯಂತೆ ಕೋಟಿ ಚೆನ್ನಯ ಜೋಡುಕರೆ ಕಂಬಳ ಮುಂದುವರಿಯಿತು. ಕಂಬಳಕ್ಕೆ ಬಂದ ಪ್ರೇಕ್ಷಕರು ಈ ದೃಶ್ಯವನ್ನು ಮೊಬೈಲ್‌ನಲ್ಲಿ ಚಿತ್ರೀಕರಿಸಿಕೊಂಡರು.
ಉಳ್ಳಾಲ ವಲಯ ನಾಡ ದೋಣಿ ಮೀನುಗಾರರ ಸಂಘದ
ವತಿಯಿಂದ ಡಾ ಎಂ.ಎನ್.ರಾಜೇಂದ್ರ ಕುಮಾರ್‌ರಿಗೆ ಸನ್ಮಾನ
ಮಂಗಳೂರು: ಸಮುದ್ರ ಮೀನುಗಾರರ ಹಿತ್ತಿರುವ ಈ ಕಾಲದಲ್ಲಿ ತುರ್ತು ರಕ್ಷಣಾ ವ್ಯವಸ್ಥೆ ಅಗತ್ಯವಿದ್ದು ಮೀನುಗಾರರ ಸಂಕಷ್ಟಕ್ಕೆ ಸ್ಪಂದಿಸುವ ಕೆಲಸ ಆಗಬೇಕು ಎಂದು ಎಸ್‌ಸಿಡಿಸಿಸಿ ಬ್ಯಾಂಕ್ ಅಧ್ಯಕ್ಷ ಡಾ. ಎಂ.ಎನ್.ರಾಜೇಂದ್ರ ಕುಮಾರ್ ಹೇಳಿದರು. ಉಳ್ಳಾಲ ವಲಯ ನಾಡ ದೋಣಿ ಮೀನುಗಾರರ ಸಂಘದ ವತಿಯಿಂದ ನೀಡಲಾದ ಸನ್ಮಾನ ಸ್ವೀಕರಿಸಿ ಅವರು ಮಾತನಾಡಿದರು. ಮೀನುಗಾರರಿಗೆ ಬ್ಯಾಂಕ್ ಮೂಲಕ ಸಾಲ ಸೌಲಭ್ಯ ಹಾಗೂ ಇತರ ನೆರವು ನೀಡಲಾಗುತ್ತಿದೆ. ಸಂಘದ ಅಧ್ಯಕ್ಷರು, ಪದಾಧಿಕಾರಿಗಳು ಹಾಗೂ ಸದಸ್ಯರು ಉಪಸ್ಥಿತರಿದ್ದರು. ಸಂಘದ ಕಾರ್ಯದರ್ಶಿ ಸ್ವಾಗತಿಸಿ ವಂದಿಸಿದರು.
